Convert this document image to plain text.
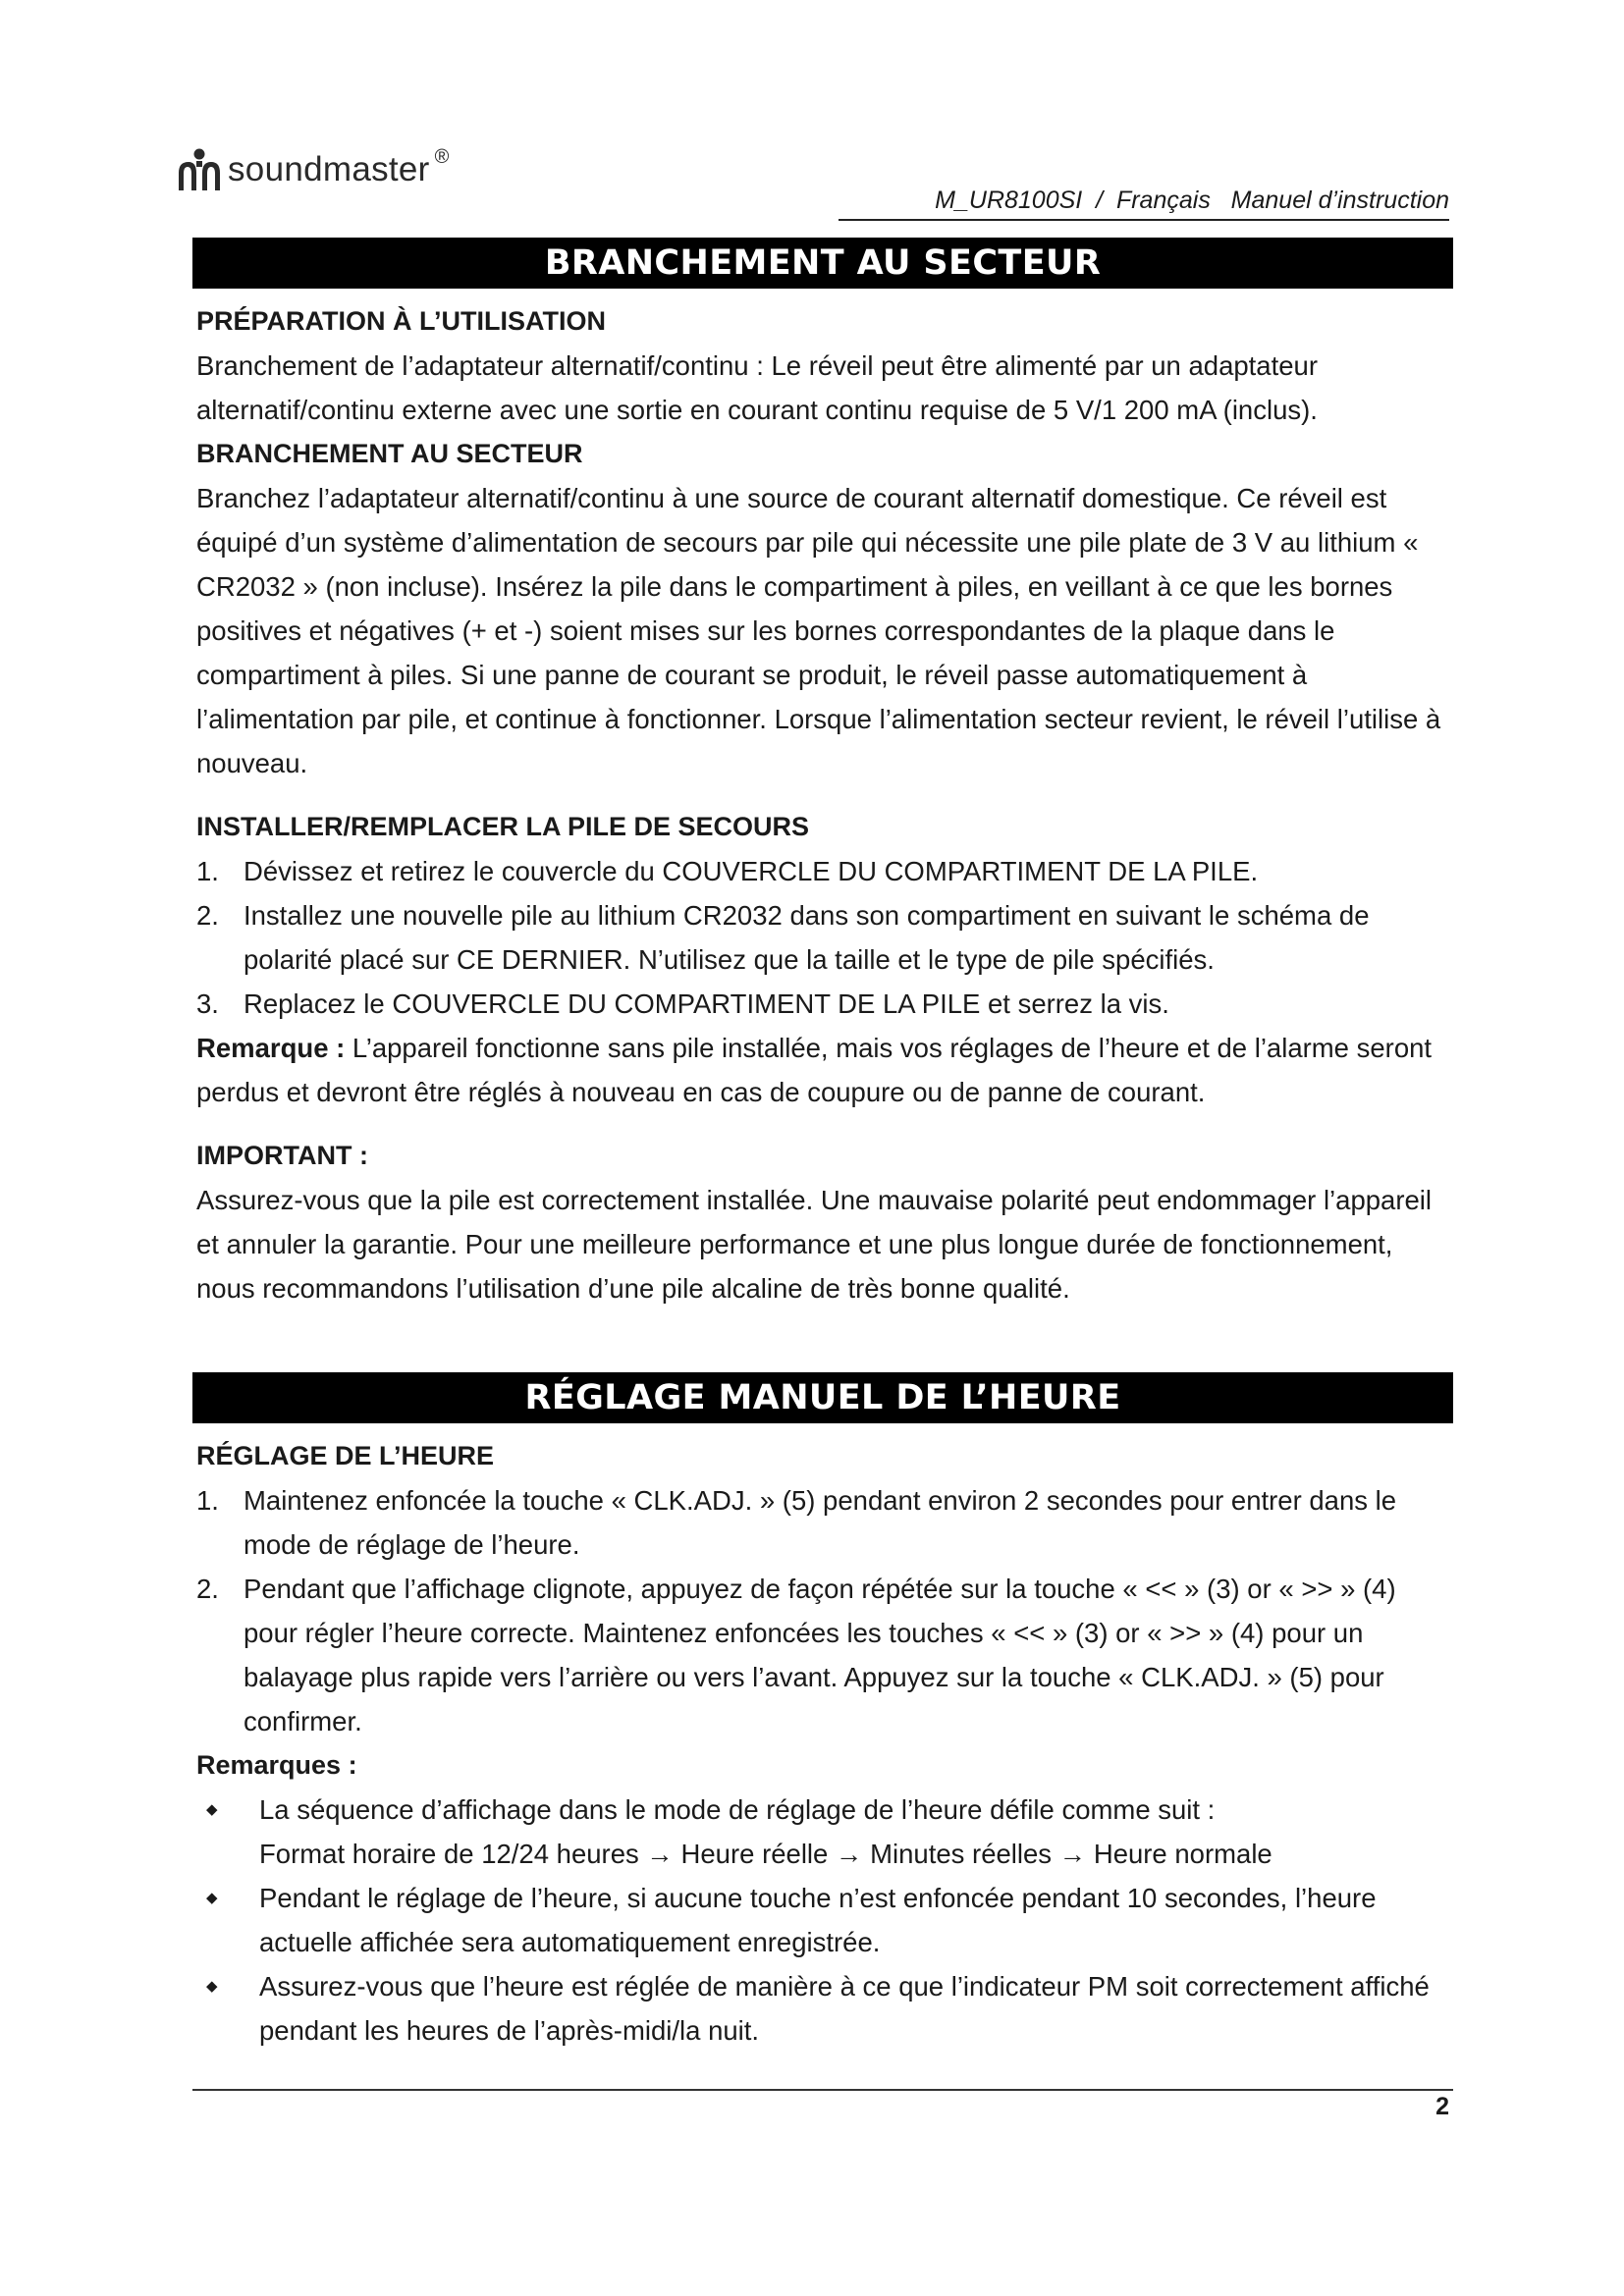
soundmaster ®
M_UR8100SI  /  Français   Manuel d’instruction
BRANCHEMENT AU SECTEUR

PRÉPARATION À L’UTILISATION

Branchement de l’adaptateur alternatif/continu : Le réveil peut être alimenté par un adaptateur alternatif/continu externe avec une sortie en courant continu requise de 5 V/1 200 mA (inclus).

BRANCHEMENT AU SECTEUR

Branchez l’adaptateur alternatif/continu à une source de courant alternatif domestique. Ce réveil est équipé d’un système d’alimentation de secours par pile qui nécessite une pile plate de 3 V au lithium « CR2032 » (non incluse). Insérez la pile dans le compartiment à piles, en veillant à ce que les bornes positives et négatives (+ et -) soient mises sur les bornes correspondantes de la plaque dans le compartiment à piles. Si une panne de courant se produit, le réveil passe automatiquement à l’alimentation par pile, et continue à fonctionner. Lorsque l’alimentation secteur revient, le réveil l’utilise à nouveau.

INSTALLER/REMPLACER LA PILE DE SECOURS

1. Dévissez et retirez le couvercle du COUVERCLE DU COMPARTIMENT DE LA PILE.
2. Installez une nouvelle pile au lithium CR2032 dans son compartiment en suivant le schéma de polarité placé sur CE DERNIER. N’utilisez que la taille et le type de pile spécifiés.
3. Replacez le COUVERCLE DU COMPARTIMENT DE LA PILE et serrez la vis.

Remarque : L’appareil fonctionne sans pile installée, mais vos réglages de l’heure et de l’alarme seront perdus et devront être réglés à nouveau en cas de coupure ou de panne de courant.

IMPORTANT :

Assurez-vous que la pile est correctement installée. Une mauvaise polarité peut endommager l’appareil et annuler la garantie. Pour une meilleure performance et une plus longue durée de fonctionnement, nous recommandons l’utilisation d’une pile alcaline de très bonne qualité.

RÉGLAGE MANUEL DE L’HEURE

RÉGLAGE DE L’HEURE

1. Maintenez enfoncée la touche « CLK.ADJ. » (5) pendant environ 2 secondes pour entrer dans le mode de réglage de l’heure.
2. Pendant que l’affichage clignote, appuyez de façon répétée sur la touche « << » (3) or « >> » (4) pour régler l’heure correcte. Maintenez enfoncées les touches « << » (3) or « >> » (4) pour un balayage plus rapide vers l’arrière ou vers l’avant. Appuyez sur la touche « CLK.ADJ. » (5) pour confirmer.

Remarques :

◆ La séquence d’affichage dans le mode de réglage de l’heure défile comme suit :
Format horaire de 12/24 heures → Heure réelle → Minutes réelles → Heure normale
◆ Pendant le réglage de l’heure, si aucune touche n’est enfoncée pendant 10 secondes, l’heure actuelle affichée sera automatiquement enregistrée.
◆ Assurez-vous que l’heure est réglée de manière à ce que l’indicateur PM soit correctement affiché pendant les heures de l’après-midi/la nuit.
2
